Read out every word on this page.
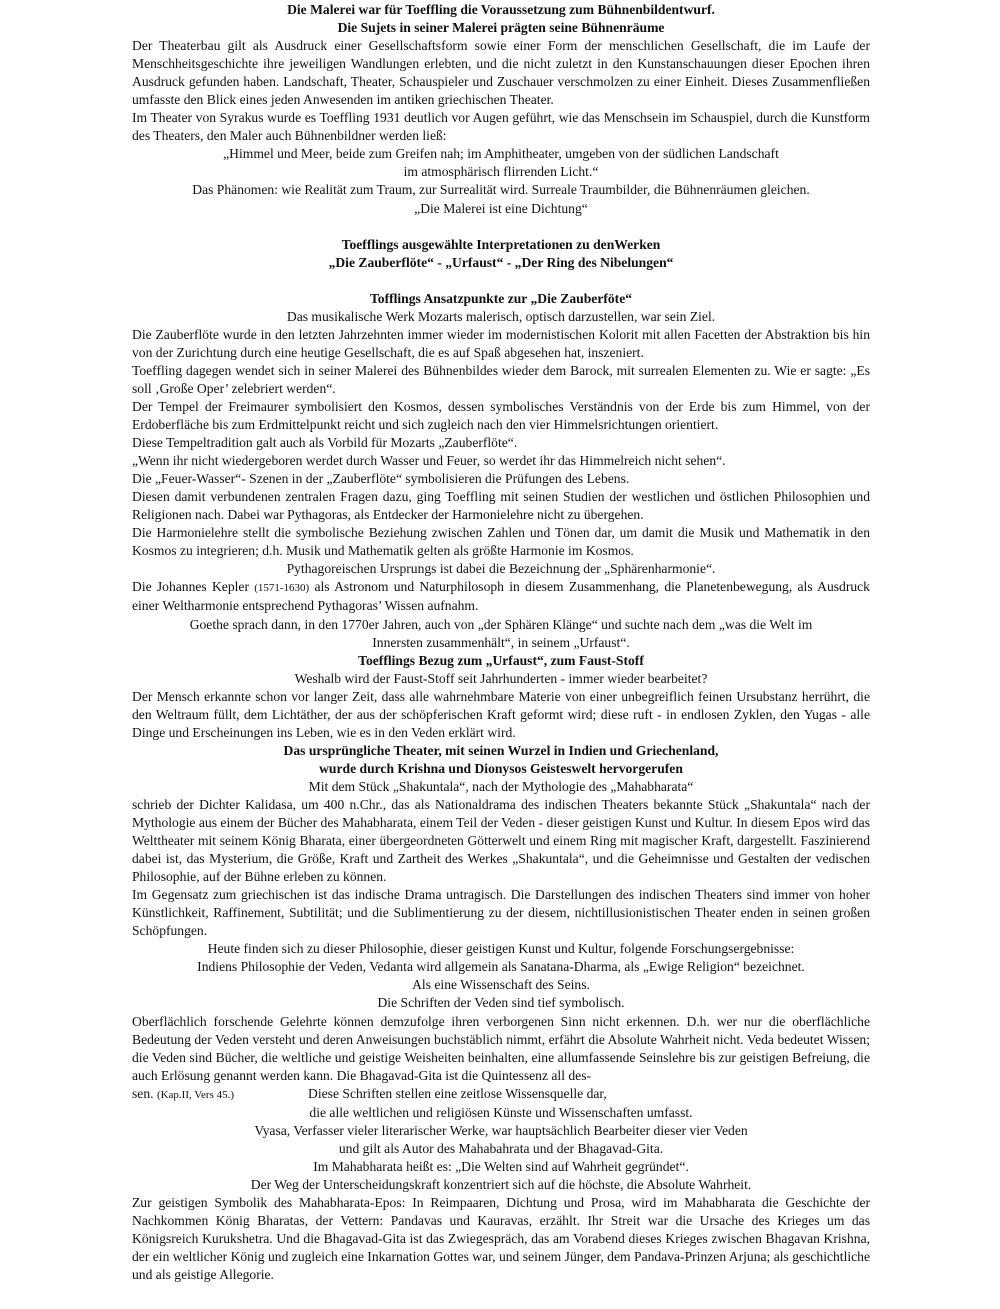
Die Malerei war für Toeffling die Voraussetzung zum Bühnenbildentwurf.

Die Sujets in seiner Malerei prägten seine Bühnenräume

Der Theaterbau gilt als Ausdruck einer Gesellschaftsform sowie einer Form der menschlichen Gesellschaft, die im Laufe der Menschheitsgeschichte ihre jeweiligen Wandlungen erlebten, und die nicht zuletzt in den Kunstanschauungen dieser Epochen ihren Ausdruck gefunden haben. Landschaft, Theater, Schauspieler und Zuschauer verschmolzen zu einer Einheit. Dieses Zusammenfließen umfasste den Blick eines jeden Anwesenden im antiken griechischen Theater.

Im Theater von Syrakus wurde es Toeffling 1931 deutlich vor Augen geführt, wie das Menschsein im Schauspiel, durch die Kunstform des Theaters, den Maler auch Bühnenbildner werden ließ:

„Himmel und Meer, beide zum Greifen nah; im Amphitheater, umgeben von der südlichen Landschaft

im atmosphärisch flirrenden Licht.“

Das Phänomen: wie Realität zum Traum, zur Surrealität wird. Surreale Traumbilder, die Bühnenräumen gleichen.

„Die Malerei ist eine Dichtung“

Toefflings ausgewählte Interpretationen zu denWerken

„Die Zauberflöte“ - „Urfaust“ - „Der Ring des Nibelungen“

Tofflings Ansatzpunkte zur „Die Zauberföte“

Das musikalische Werk Mozarts malerisch, optisch darzustellen, war sein Ziel.

Die Zauberflöte wurde in den letzten Jahrzehnten immer wieder im modernistischen Kolorit mit allen Facetten der Abstraktion bis hin von der Zurichtung durch eine heutige Gesellschaft, die es auf Spaß abgesehen hat, inszeniert.

Toeffling dagegen wendet sich in seiner Malerei des Bühnenbildes wieder dem Barock, mit surrealen Elementen zu. Wie er sagte: „Es soll ‚Große Oper’ zelebriert werden“.

Der Tempel der Freimaurer symbolisiert den Kosmos, dessen symbolisches Verständnis von der Erde bis zum Himmel, von der Erdoberfläche bis zum Erdmittelpunkt reicht und sich zugleich nach den vier Himmelsrichtungen orientiert.

Diese Tempeltradition galt auch als Vorbild für Mozarts „Zauberflöte“.

„Wenn ihr nicht wiedergeboren werdet durch Wasser und Feuer, so werdet ihr das Himmelreich nicht sehen“.

Die „Feuer-Wasser“- Szenen in der „Zauberflöte“ symbolisieren die Prüfungen des Lebens.

Diesen damit verbundenen zentralen Fragen dazu, ging Toeffling mit seinen Studien der westlichen und östlichen Philosophien und Religionen nach. Dabei war Pythagoras, als Entdecker der Harmonielehre nicht zu übergehen.

Die Harmonielehre stellt die symbolische Beziehung zwischen Zahlen und Tönen dar, um damit die Musik und Mathematik in den Kosmos zu integrieren; d.h. Musik und Mathematik gelten als größte Harmonie im Kosmos.

Pythagoreischen Ursprungs ist dabei die Bezeichnung der „Sphärenharmonie“.

Die Johannes Kepler (1571-1630) als Astronom und Naturphilosoph in diesem Zusammenhang, die Planetenbewegung, als Ausdruck einer Weltharmonie entsprechend Pythagoras’ Wissen aufnahm.

Goethe sprach dann, in den 1770er Jahren, auch von „der Sphären Klänge“ und suchte nach dem „was die Welt im

Innersten zusammenhält“, in seinem „Urfaust“.

Toefflings Bezug zum „Urfaust“, zum Faust-Stoff

Weshalb wird der Faust-Stoff seit Jahrhunderten - immer wieder bearbeitet?

Der Mensch erkannte schon vor langer Zeit, dass alle wahrnehmbare Materie von einer unbegreiflich feinen Ursubstanz herrührt, die den Weltraum füllt, dem Lichtäther, der aus der schöpferischen Kraft geformt wird; diese ruft - in endlosen Zyklen, den Yugas - alle Dinge und Erscheinungen ins Leben, wie es in den Veden erklärt wird.

Das ursprüngliche Theater, mit seinen Wurzel in Indien und Griechenland,

wurde durch Krishna und Dionysos Geisteswelt hervorgerufen

Mit dem Stück „Shakuntala“, nach der Mythologie des „Mahabharata“

schrieb der Dichter Kalidasa, um 400 n.Chr., das als Nationaldrama des indischen Theaters bekannte Stück „Shakuntala“ nach der Mythologie aus einem der Bücher des Mahabharata, einem Teil der Veden - dieser geistigen Kunst und Kultur. In diesem Epos wird das Welttheater mit seinem König Bharata, einer übergeordneten Götterwelt und einem Ring mit magischer Kraft, dargestellt. Faszinierend dabei ist, das Mysterium, die Größe, Kraft und Zartheit des Werkes „Shakuntala“, und die Geheimnisse und Gestalten der vedischen Philosophie, auf der Bühne erleben zu können.

Im Gegensatz zum griechischen ist das indische Drama untragisch. Die Darstellungen des indischen Theaters sind immer von hoher Künstlichkeit, Raffinement, Subtilität; und die Sublimentierung zu der diesem, nichtillusionistischen Theater enden in seinen großen Schöpfungen.

Heute finden sich zu dieser Philosophie, dieser geistigen Kunst und Kultur, folgende Forschungsergebnisse:

Indiens Philosophie der Veden, Vedanta wird allgemein als Sanatana-Dharma, als „Ewige Religion“ bezeichnet.

Als eine Wissenschaft des Seins.

Die Schriften der Veden sind tief symbolisch.

Oberflächlich forschende Gelehrte können demzufolge ihren verborgenen Sinn nicht erkennen. D.h. wer nur die oberflächliche Bedeutung der Veden versteht und deren Anweisungen buchstäblich nimmt, erfährt die Absolute Wahrheit nicht. Veda bedeutet Wissen; die Veden sind Bücher, die weltliche und geistige Weisheiten beinhalten, eine allumfassende Seinslehre bis zur geistigen Befreiung, die auch Erlösung genannt werden kann. Die Bhagavad-Gita ist die Quintessenz all des-

sen. (Kap.II, Vers 45.)	Diese Schriften stellen eine zeitlose Wissensquelle dar,

die alle weltlichen und religiösen Künste und Wissenschaften umfasst.

Vyasa, Verfasser vieler literarischer Werke, war hauptsächlich Bearbeiter dieser vier Veden

und gilt als Autor des Mahabahrata und der Bhagavad-Gita.

Im Mahabharata heißt es: „Die Welten sind auf Wahrheit gegründet“.

Der Weg der Unterscheidungskraft konzentriert sich auf die höchste, die Absolute Wahrheit.

Zur geistigen Symbolik des Mahabharata-Epos: In Reimpaaren, Dichtung und Prosa, wird im Mahabharata die Geschichte der Nachkommen König Bharatas, der Vettern: Pandavas und Kauravas, erzählt. Ihr Streit war die Ursache des Krieges um das Königsreich Kurukshetra. Und die Bhagavad-Gita ist das Zwiegespräch, das am Vorabend dieses Krieges zwischen Bhagavan Krishna, der ein weltlicher König und zugleich eine Inkarnation Gottes war, und seinem Jünger, dem Pandava-Prinzen Arjuna; als geschichtliche und als geistige Allegorie.
